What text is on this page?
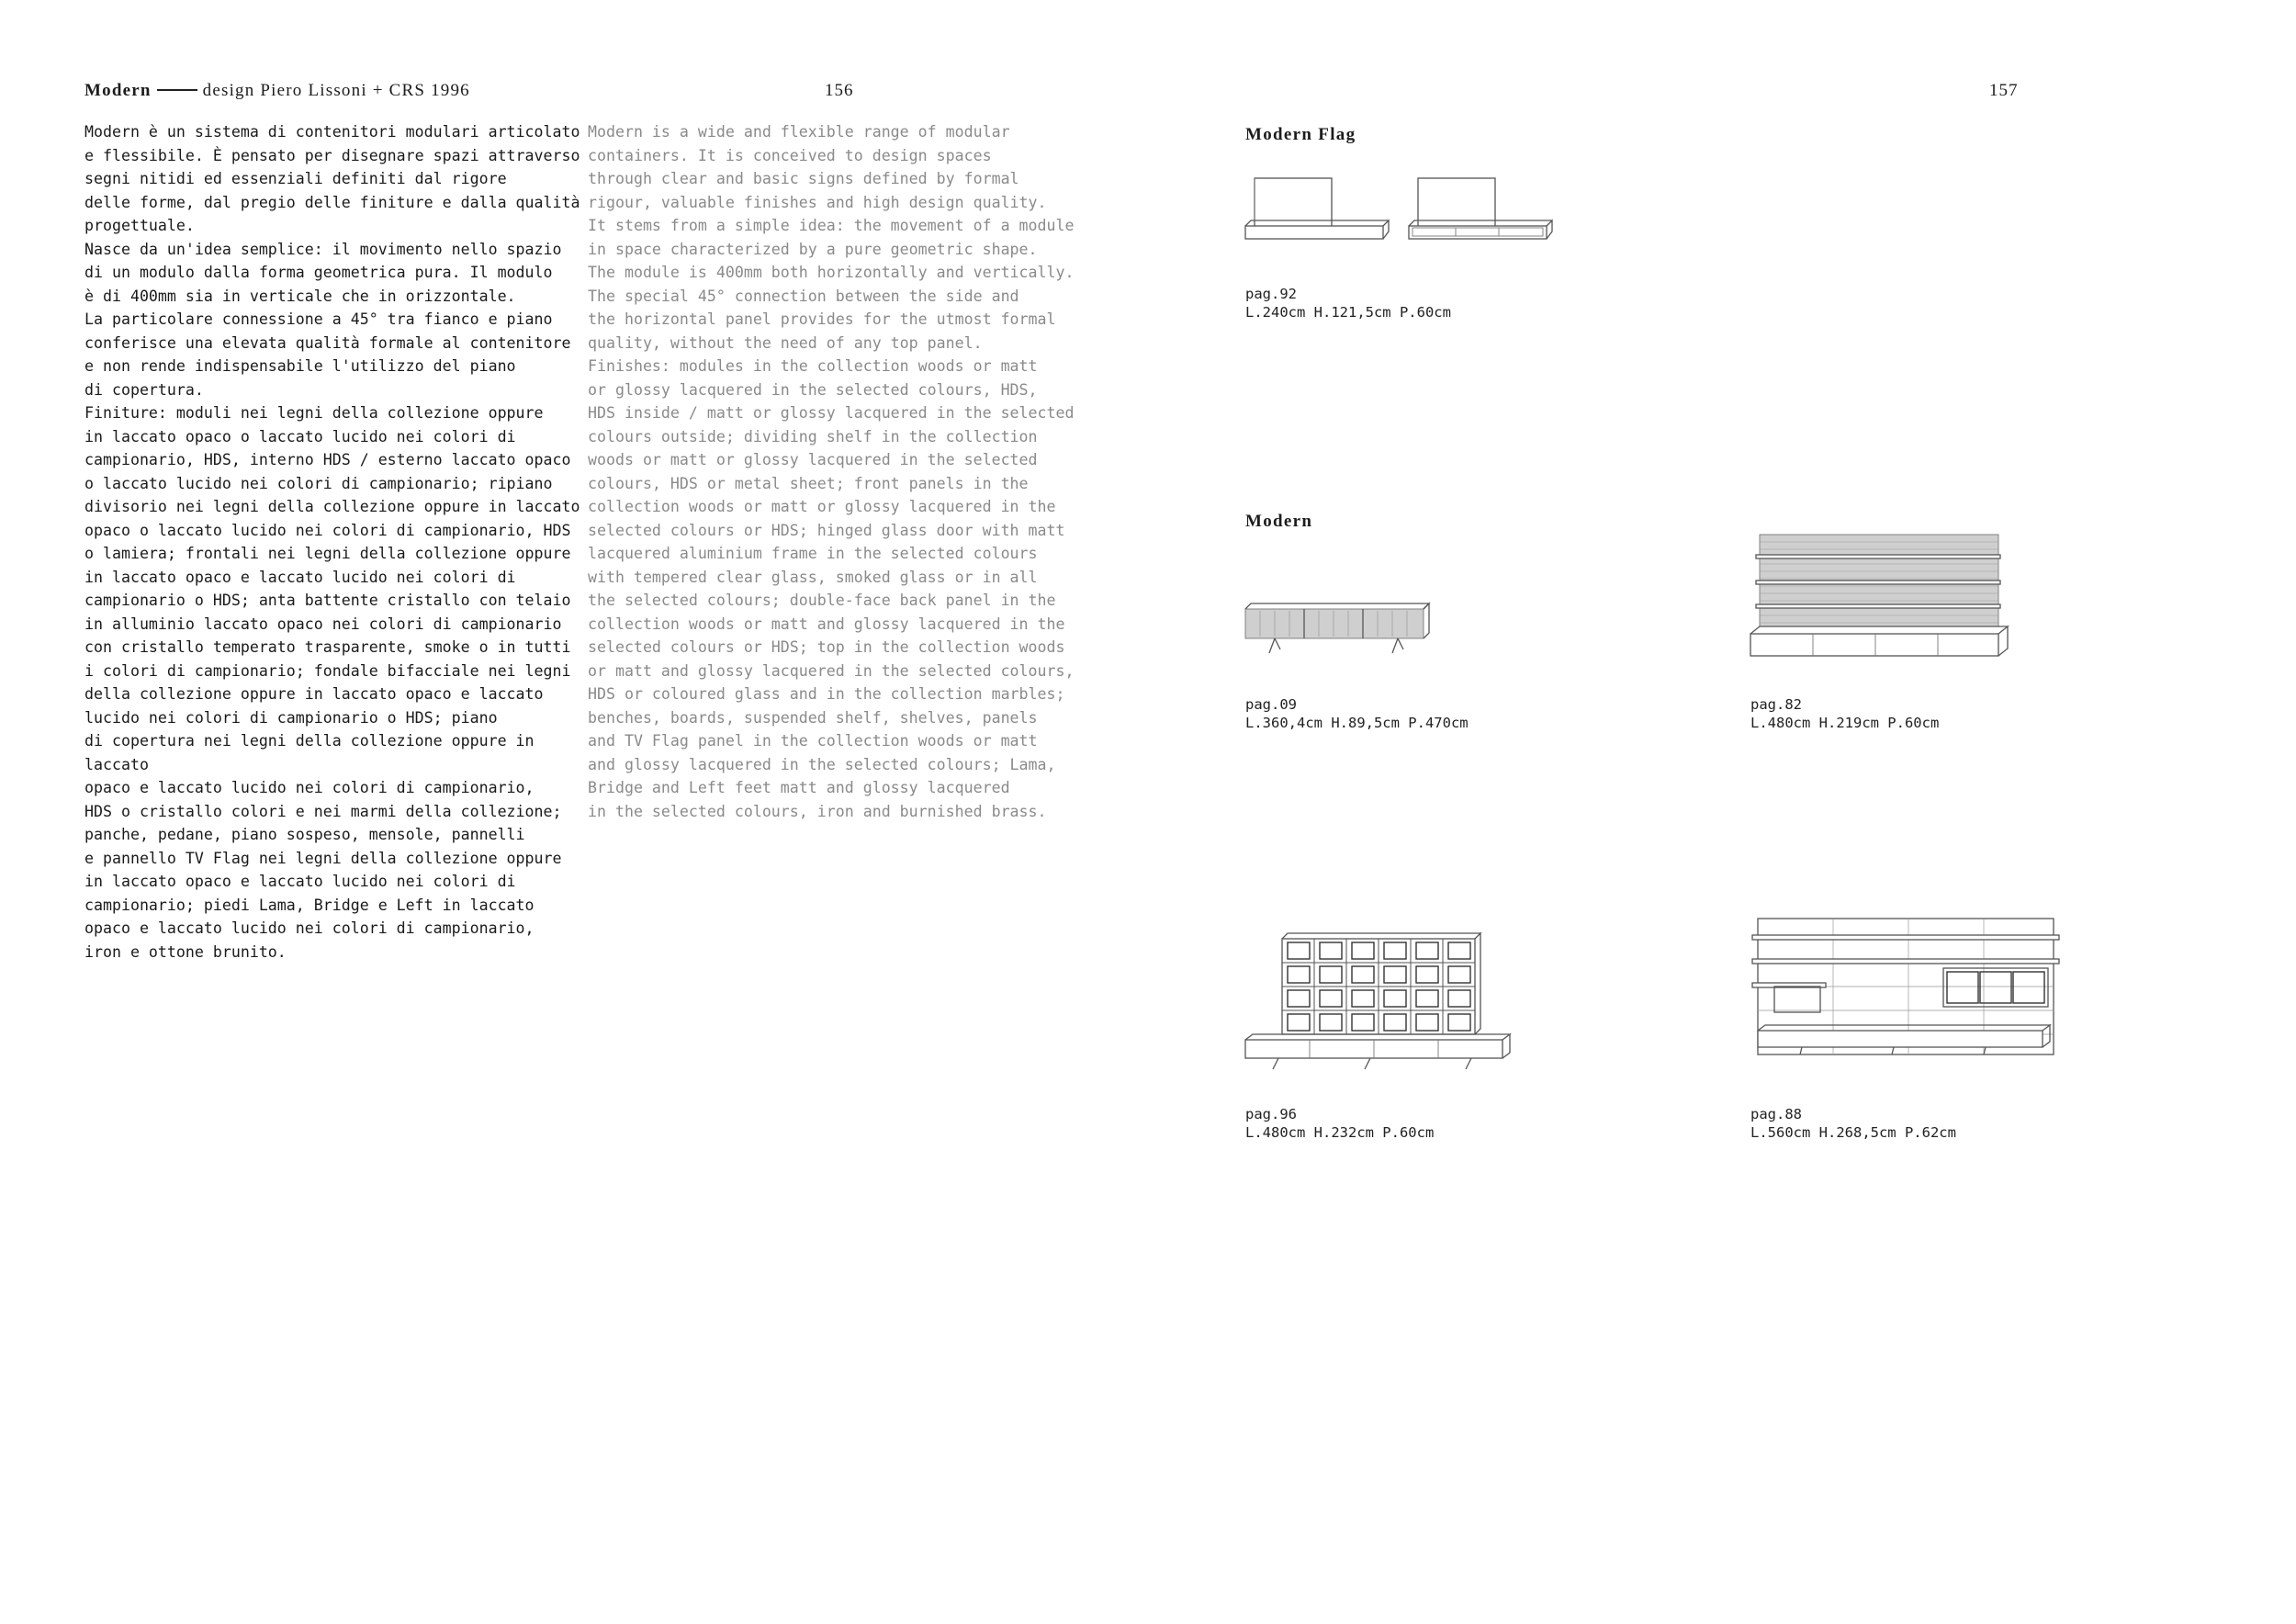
Modern	design Piero Lissoni + CRS 1996	156	157
Modern è un sistema di contenitori modulari articolato
e flessibile. È pensato per disegnare spazi attraverso
segni nitidi ed essenziali definiti dal rigore
delle forme, dal pregio delle finiture e dalla qualità
progettuale.
Nasce da un'idea semplice: il movimento nello spazio
di un modulo dalla forma geometrica pura. Il modulo
è di 400mm sia in verticale che in orizzontale.
La particolare connessione a 45° tra fianco e piano
conferisce una elevata qualità formale al contenitore
e non rende indispensabile l'utilizzo del piano
di copertura.
Finiture: moduli nei legni della collezione oppure
in laccato opaco o laccato lucido nei colori di
campionario, HDS, interno HDS / esterno laccato opaco
o laccato lucido nei colori di campionario; ripiano
divisorio nei legni della collezione oppure in laccato
opaco o laccato lucido nei colori di campionario, HDS
o lamiera; frontali nei legni della collezione oppure
in laccato opaco e laccato lucido nei colori di
campionario o HDS; anta battente cristallo con telaio
in alluminio laccato opaco nei colori di campionario
con cristallo temperato trasparente, smoke o in tutti
i colori di campionario; fondale bifacciale nei legni
della collezione oppure in laccato opaco e laccato
lucido nei colori di campionario o HDS; piano
di copertura nei legni della collezione oppure in laccato
opaco e laccato lucido nei colori di campionario,
HDS o cristallo colori e nei marmi della collezione;
panche, pedane, piano sospeso, mensole, pannelli
e pannello TV Flag nei legni della collezione oppure
in laccato opaco e laccato lucido nei colori di
campionario; piedi Lama, Bridge e Left in laccato
opaco e laccato lucido nei colori di campionario,
iron e ottone brunito.
Modern is a wide and flexible range of modular
containers. It is conceived to design spaces
through clear and basic signs defined by formal
rigour, valuable finishes and high design quality.
It stems from a simple idea: the movement of a module
in space characterized by a pure geometric shape.
The module is 400mm both horizontally and vertically.
The special 45° connection between the side and
the horizontal panel provides for the utmost formal
quality, without the need of any top panel.
Finishes: modules in the collection woods or matt
or glossy lacquered in the selected colours, HDS,
HDS inside / matt or glossy lacquered in the selected
colours outside; dividing shelf in the collection
woods or matt or glossy lacquered in the selected
colours, HDS or metal sheet; front panels in the
collection woods or matt or glossy lacquered in the
selected colours or HDS; hinged glass door with matt
lacquered aluminium frame in the selected colours
with tempered clear glass, smoked glass or in all
the selected colours; double-face back panel in the
collection woods or matt and glossy lacquered in the
selected colours or HDS; top in the collection woods
or matt and glossy lacquered in the selected colours,
HDS or coloured glass and in the collection marbles;
benches, boards, suspended shelf, shelves, panels
and TV Flag panel in the collection woods or matt
and glossy lacquered in the selected colours; Lama,
Bridge and Left feet matt and glossy lacquered
in the selected colours, iron and burnished brass.
Modern Flag
Modern
pag.92
L.240cm H.121,5cm P.60cm
pag.09
L.360,4cm H.89,5cm P.470cm
pag.82
L.480cm H.219cm P.60cm
pag.96
L.480cm H.232cm P.60cm
pag.88
L.560cm H.268,5cm P.62cm
